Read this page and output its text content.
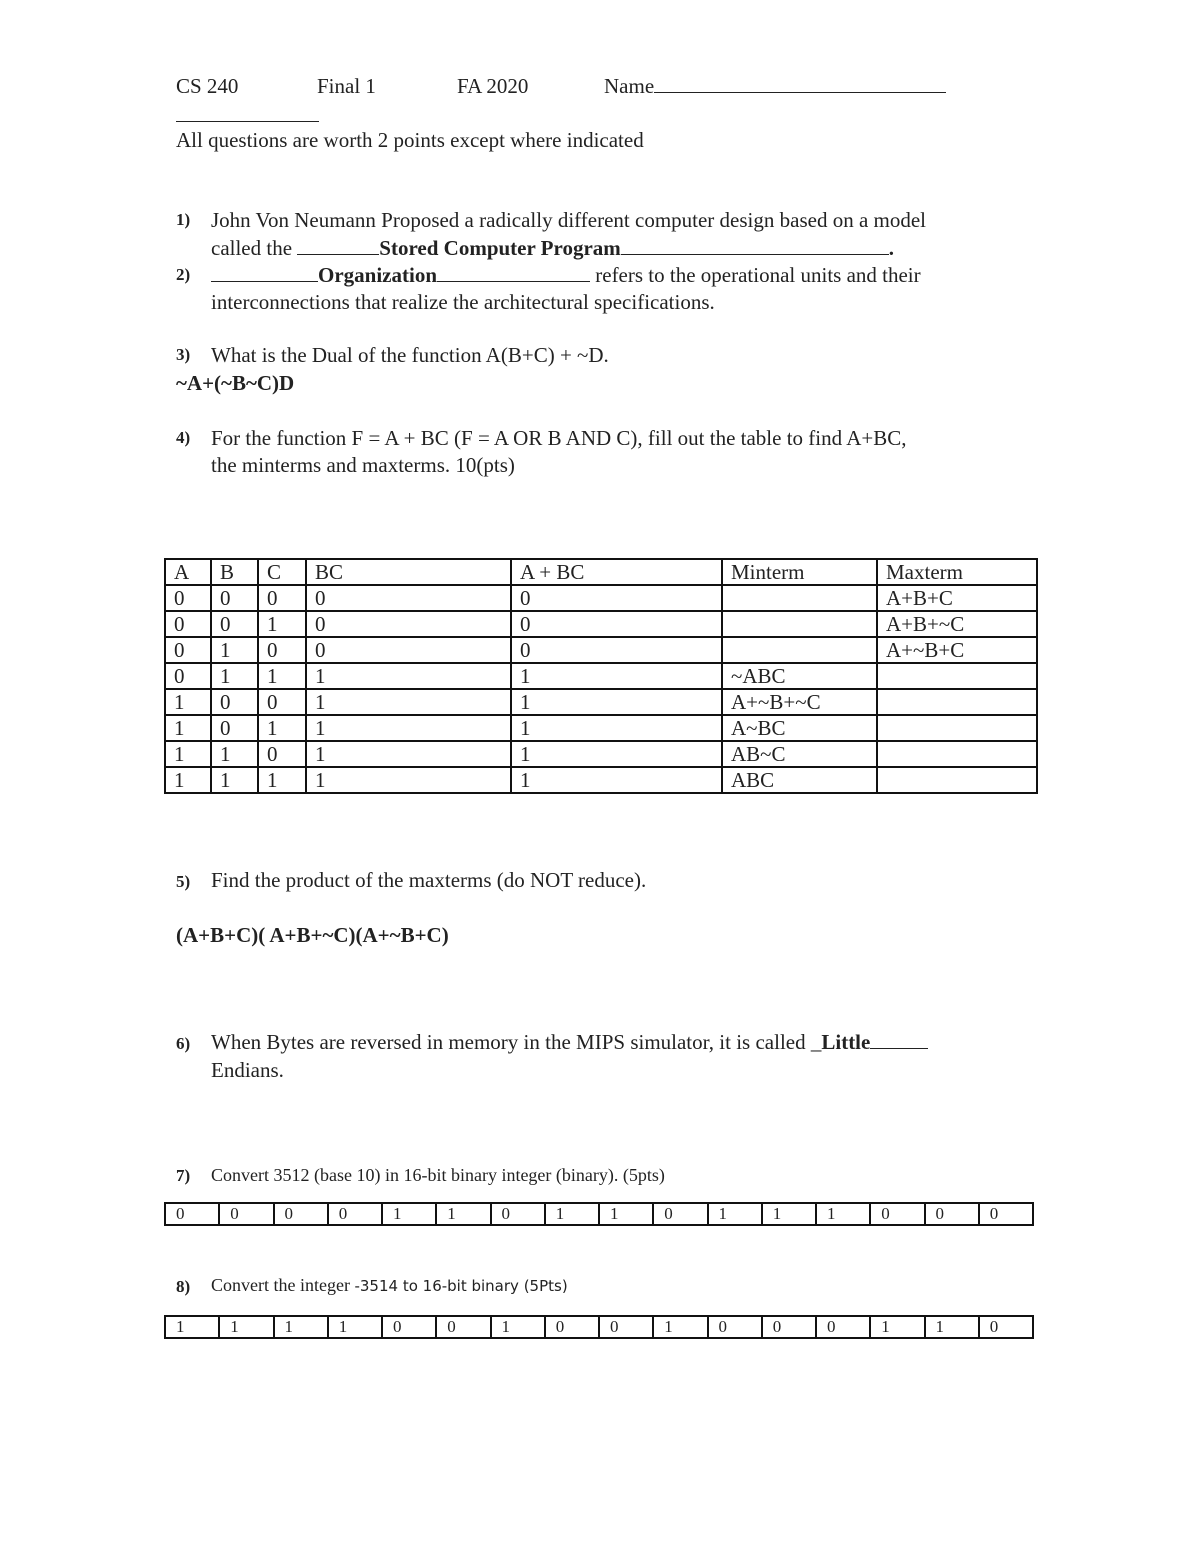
CS 240	Final 1	FA 2020	Name
All questions are worth 2 points except where indicated
1) John Von Neumann Proposed a radically different computer design based on a model
called the	Stored Computer Program	.
2)	Organization	refers to the operational units and their
interconnections that realize the architectural specifications.
3) What is the Dual of the function A(B+C) + ~D.
~A+(~B~C)D
4) For the function F = A + BC (F = A OR B AND C), fill out the table to find A+BC,
the minterms and maxterms. 10(pts)
A	B	C	BC	A + BC	Minterm	Maxterm
0	0	0	0	0		A+B+C
0	0	1	0	0		A+B+~C
0	1	0	0	0		A+~B+C
0	1	1	1	1	~ABC	
1	0	0	1	1	A+~B+~C	
1	0	1	1	1	A~BC	
1	1	0	1	1	AB~C	
1	1	1	1	1	ABC	
5) Find the product of the maxterms (do NOT reduce).
(A+B+C)( A+B+~C)(A+~B+C)
6) When Bytes are reversed in memory in the MIPS simulator, it is called _Little
Endians.
7) Convert 3512 (base 10) in 16-bit binary integer (binary). (5pts)
0	0	0	0	1	1	0	1	1	0	1	1	1	0	0	0
8) Convert the integer -3514 to 16-bit binary (5Pts)
1	1	1	1	0	0	1	0	0	1	0	0	0	1	1	0
